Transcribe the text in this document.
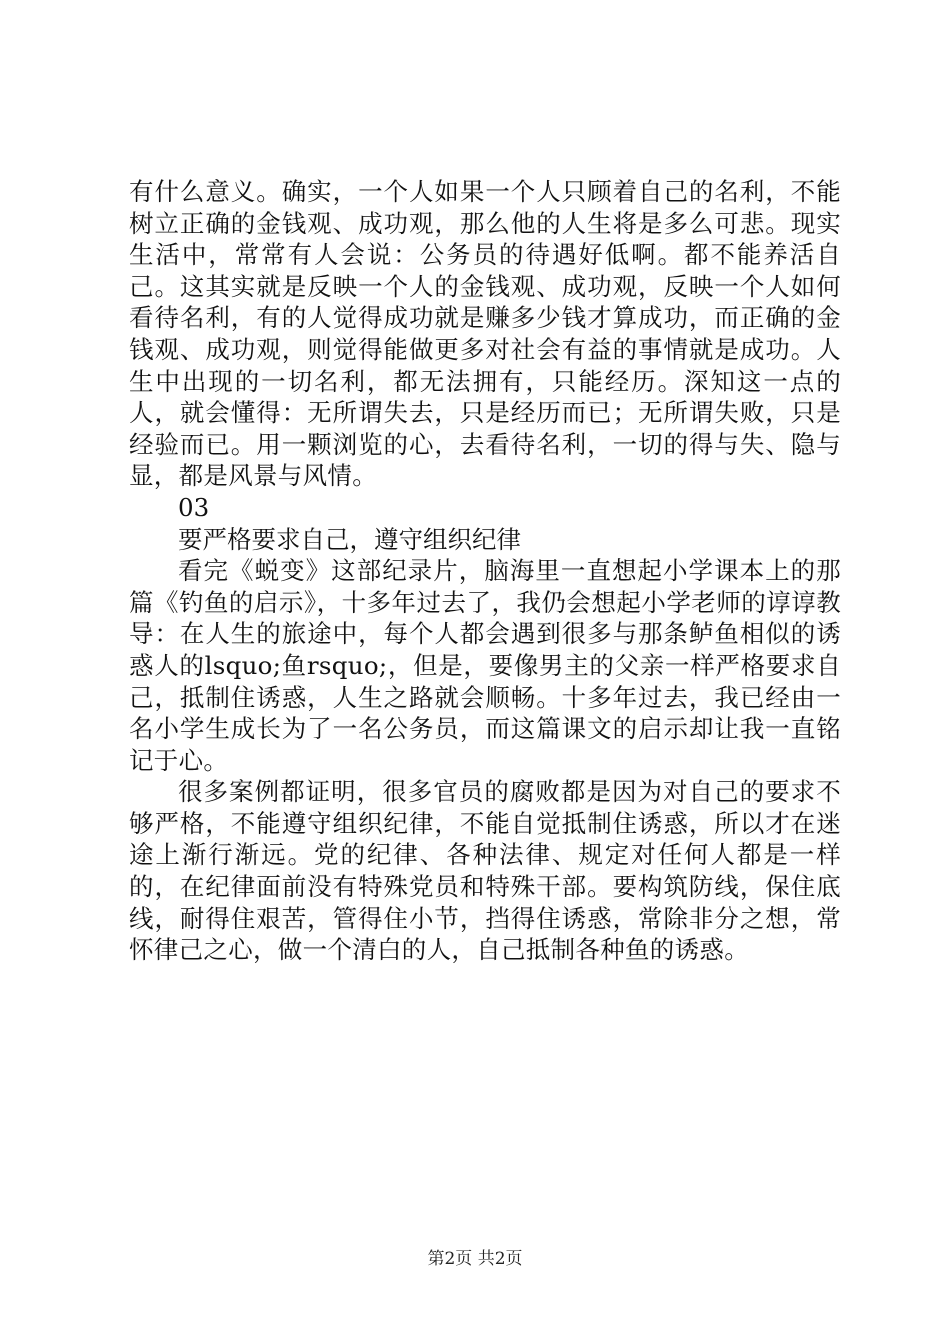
有什么意义。确实，一个人如果一个人只顾着自己的名利，不能树立正确的金钱观、成功观，那么他的人生将是多么可悲。现实生活中，常常有人会说：公务员的待遇好低啊。都不能养活自己。这其实就是反映一个人的金钱观、成功观，反映一个人如何看待名利，有的人觉得成功就是赚多少钱才算成功，而正确的金钱观、成功观，则觉得能做更多对社会有益的事情就是成功。人生中出现的一切名利，都无法拥有，只能经历。深知这一点的人，就会懂得：无所谓失去，只是经历而已；无所谓失败，只是经验而已。用一颗浏览的心，去看待名利，一切的得与失、隐与显，都是风景与风情。

03

要严格要求自己，遵守组织纪律

看完《蜕变》这部纪录片，脑海里一直想起小学课本上的那篇《钓鱼的启示》，十多年过去了，我仍会想起小学老师的谆谆教导：在人生的旅途中，每个人都会遇到很多与那条鲈鱼相似的诱惑人的lsquo;鱼rsquo;，但是，要像男主的父亲一样严格要求自己，抵制住诱惑，人生之路就会顺畅。十多年过去，我已经由一名小学生成长为了一名公务员，而这篇课文的启示却让我一直铭记于心。

很多案例都证明，很多官员的腐败都是因为对自己的要求不够严格，不能遵守组织纪律，不能自觉抵制住诱惑，所以才在迷途上渐行渐远。党的纪律、各种法律、规定对任何人都是一样的，在纪律面前没有特殊党员和特殊干部。要构筑防线，保住底线，耐得住艰苦，管得住小节，挡得住诱惑，常除非分之想，常怀律己之心，做一个清白的人，自己抵制各种鱼的诱惑。

第2页 共2页
